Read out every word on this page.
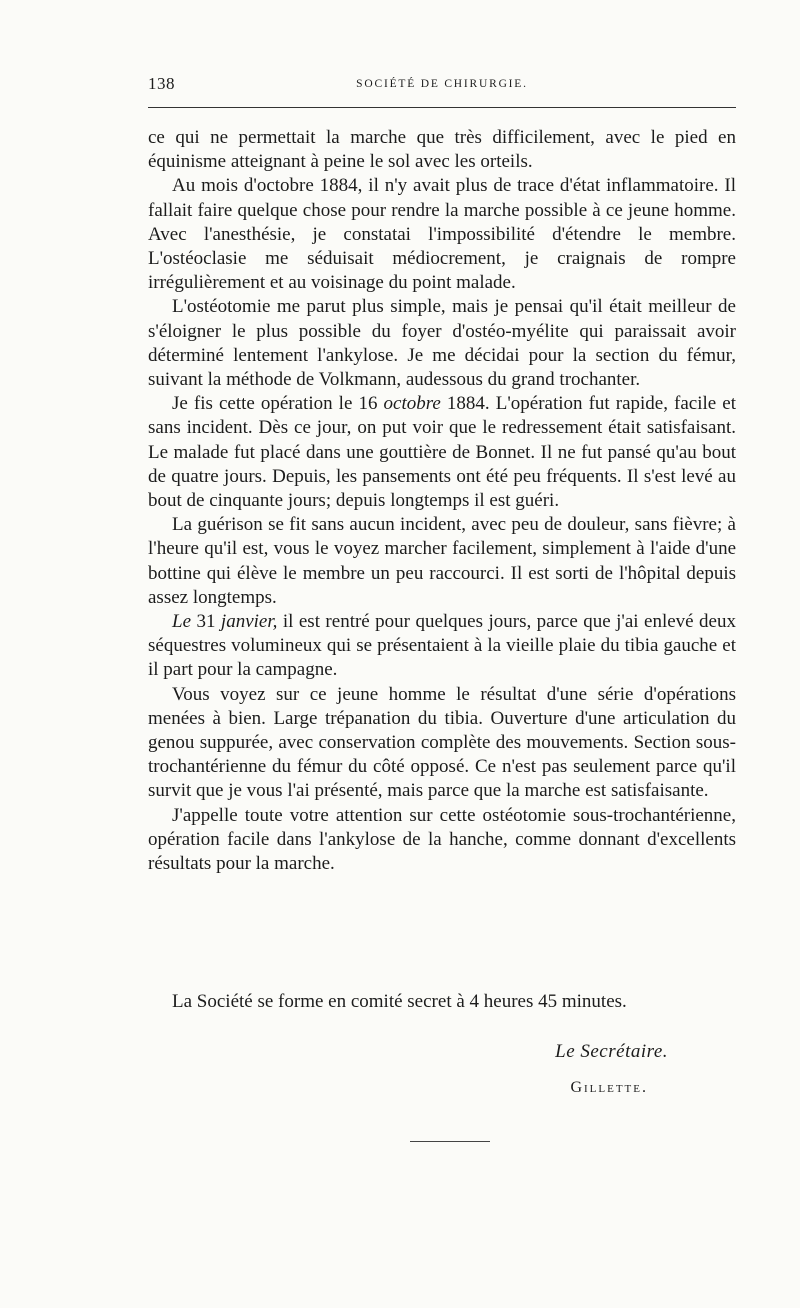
138	SOCIÉTÉ DE CHIRURGIE.

ce qui ne permettait la marche que très difficilement, avec le pied en équinisme atteignant à peine le sol avec les orteils.

Au mois d'octobre 1884, il n'y avait plus de trace d'état inflammatoire. Il fallait faire quelque chose pour rendre la marche possible à ce jeune homme. Avec l'anesthésie, je constatai l'impossibilité d'étendre le membre. L'ostéoclasie me séduisait médiocrement, je craignais de rompre irrégulièrement et au voisinage du point malade.

L'ostéotomie me parut plus simple, mais je pensai qu'il était meilleur de s'éloigner le plus possible du foyer d'ostéo-myélite qui paraissait avoir déterminé lentement l'ankylose. Je me décidai pour la section du fémur, suivant la méthode de Volkmann, audessous du grand trochanter.

Je fis cette opération le 16 octobre 1884. L'opération fut rapide, facile et sans incident. Dès ce jour, on put voir que le redressement était satisfaisant. Le malade fut placé dans une gouttière de Bonnet. Il ne fut pansé qu'au bout de quatre jours. Depuis, les pansements ont été peu fréquents. Il s'est levé au bout de cinquante jours; depuis longtemps il est guéri.

La guérison se fit sans aucun incident, avec peu de douleur, sans fièvre; à l'heure qu'il est, vous le voyez marcher facilement, simplement à l'aide d'une bottine qui élève le membre un peu raccourci. Il est sorti de l'hôpital depuis assez longtemps.

Le 31 janvier, il est rentré pour quelques jours, parce que j'ai enlevé deux séquestres volumineux qui se présentaient à la vieille plaie du tibia gauche et il part pour la campagne.

Vous voyez sur ce jeune homme le résultat d'une série d'opérations menées à bien. Large trépanation du tibia. Ouverture d'une articulation du genou suppurée, avec conservation complète des mouvements. Section sous-trochantérienne du fémur du côté opposé. Ce n'est pas seulement parce qu'il survit que je vous l'ai présenté, mais parce que la marche est satisfaisante.

J'appelle toute votre attention sur cette ostéotomie sous-trochantérienne, opération facile dans l'ankylose de la hanche, comme donnant d'excellents résultats pour la marche.

La Société se forme en comité secret à 4 heures 45 minutes.
Le Secrétaire.
Gillette.
